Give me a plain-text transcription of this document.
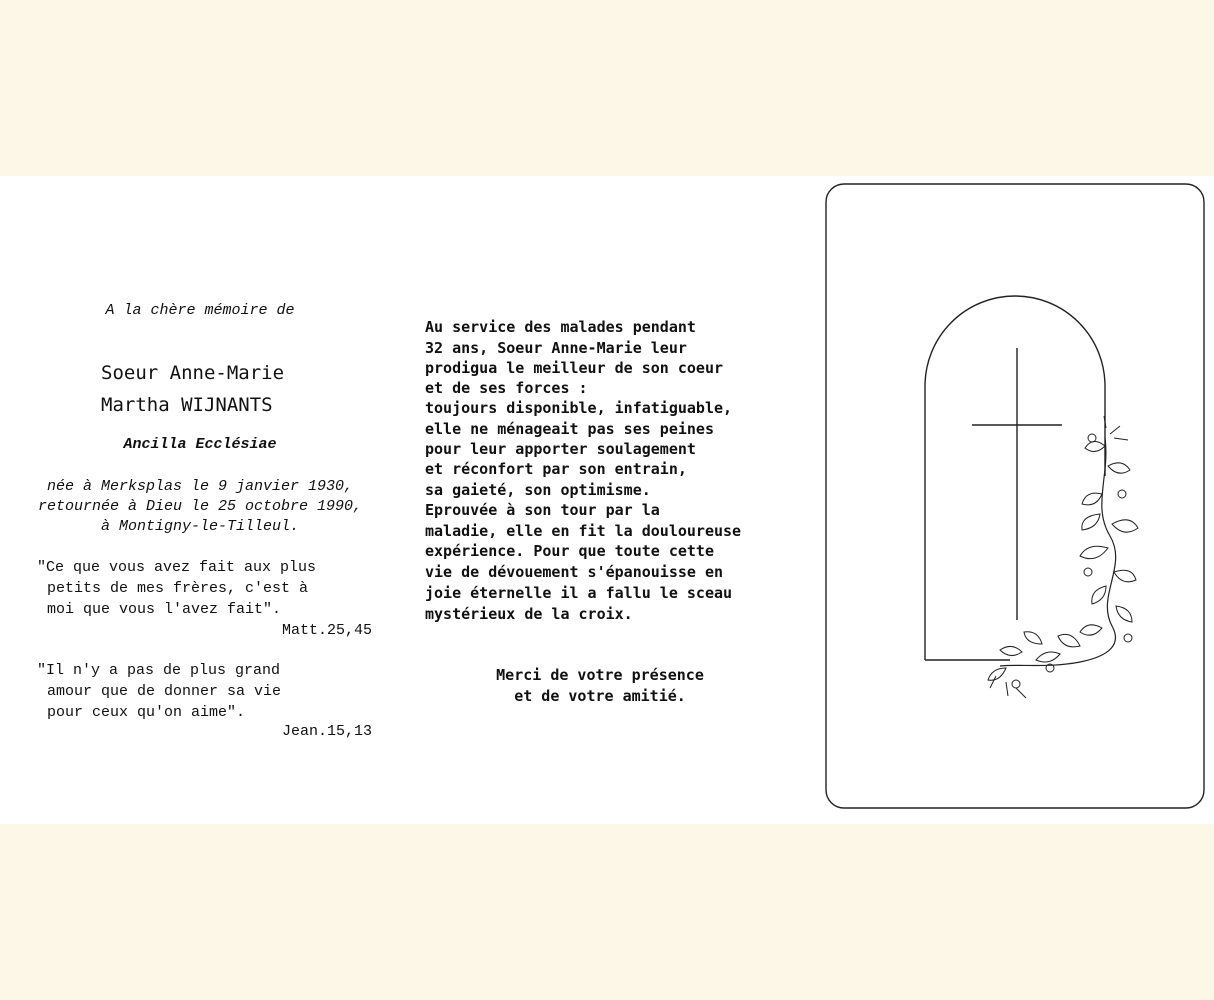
A la chère mémoire de
Soeur Anne-Marie
Martha WIJNANTS
Ancilla Ecclésiae
née à Merksplas le 9 janvier 1930,
retournée à Dieu le 25 octobre 1990,
à Montigny-le-Tilleul.
"Ce que vous avez fait aux plus
petits de mes frères, c'est à
moi que vous l'avez fait".
Matt.25,45
"Il n'y a pas de plus grand
amour que de donner sa vie
pour ceux qu'on aime".
Jean.15,13
Au service des malades pendant
32 ans, Soeur Anne-Marie leur
prodigua le meilleur de son coeur
et de ses forces :
toujours disponible, infatiguable,
elle ne ménageait pas ses peines
pour leur apporter soulagement
et réconfort par son entrain,
sa gaieté, son optimisme.
Eprouvée à son tour par la
maladie, elle en fit la douloureuse
expérience. Pour que toute cette
vie de dévouement s'épanouisse en
joie éternelle il a fallu le sceau
mystérieux de la croix.
Merci de votre présence
et de votre amitié.
